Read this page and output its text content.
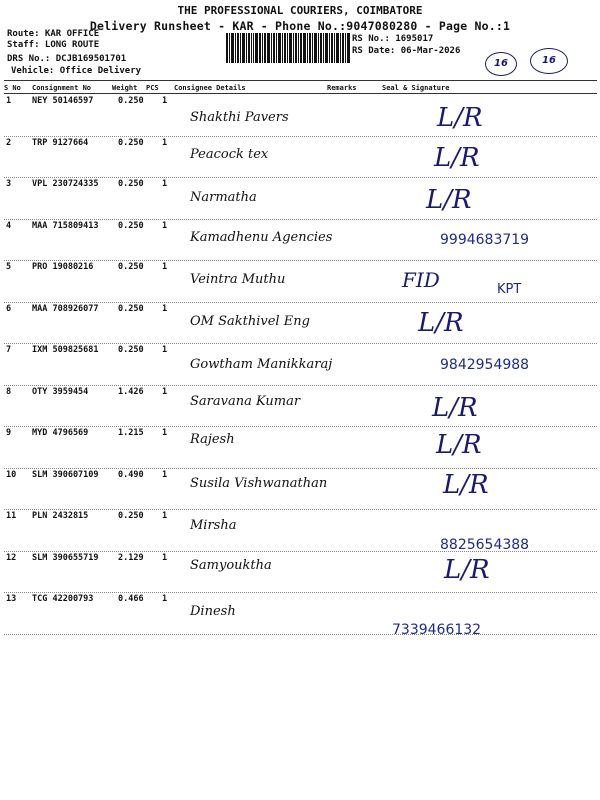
THE PROFESSIONAL COURIERS, COIMBATORE
Delivery Runsheet - KAR - Phone No.:9047080280 - Page No.:1
Route: KAR OFFICE
Staff: LONG ROUTE
DRS No.: DCJB169501701
Vehicle: Office Delivery
RS No.: 1695017
RS Date: 06-Mar-2026
16	16
S No Consignment No	Weight PCS Consignee Details	Remarks	Seal & Signature
1 NEY 50146597	0.250 1
Shakthi Pavers	L/R
2 TRP 9127664	0.250 1
Peacock tex	L/R
3 VPL 230724335 0.250 1
Narmatha	L/R
4 MAA 715809413 0.250 1
Kamadhenu Agencies	9994683719
5 PRO 19080216	0.250 1
Veintra Muthu	FID	KPT
6 MAA 708926077 0.250 1
OM Sakthivel Eng	L/R
7 IXM 509825681 0.250 1
Gowtham Manikkaraj	9842954988
8 OTY 3959454	1.426 1
Saravana Kumar	L/R
9 MYD 4796569	1.215 1 Rajesh	L/R
10 SLM 390607109 0.490 1
Susila Vishwanathan	L/R
11 PLN 2432815	0.250 1
Mirsha
8825654388
12 SLM 390655719 2.129 1
Samyouktha	L/R
13 TCG 42200793	0.466 1
Dinesh
7339466132
